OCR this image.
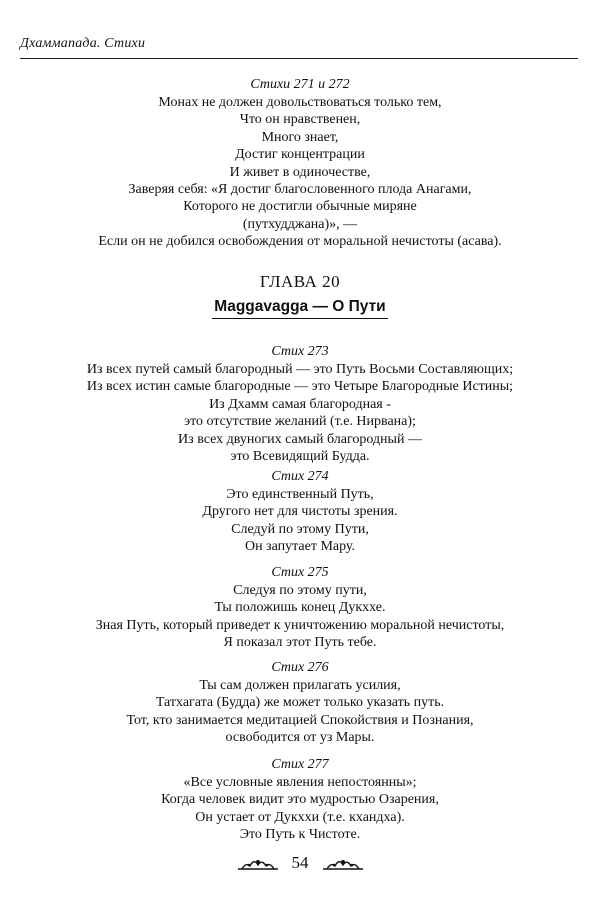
Дхаммапада. Стихи
Стихи 271 и 272
Монах не должен довольствоваться только тем,
Что он нравственен,
Много знает,
Достиг концентрации
И живет в одиночестве,
Заверяя себя: «Я достиг благословенного плода Анагами,
Которого не достигли обычные миряне
(путхудджана)», —
Если он не добился освобождения от моральной нечистоты (асава).
ГЛАВА 20
Maggavagga — О Пути
Стих 273
Из всех путей самый благородный — это Путь Восьми Составляющих;
Из всех истин самые благородные — это Четыре Благородные Истины;
Из Дхамм самая благородная -
это отсутствие желаний (т.е. Нирвана);
Из всех двуногих самый благородный —
это Всевидящий Будда.
Стих 274
Это единственный Путь,
Другого нет для чистоты зрения.
Следуй по этому Пути,
Он запутает Мару.
Стих 275
Следуя по этому пути,
Ты положишь конец Дукххе.
Зная Путь, который приведет к уничтожению моральной нечистоты,
Я показал этот Путь тебе.
Стих 276
Ты сам должен прилагать усилия,
Татхагата (Будда) же может только указать путь.
Тот, кто занимается медитацией Спокойствия и Познания,
освободится от уз Мары.
Стих 277
«Все условные явления непостоянны»;
Когда человек видит это мудростью Озарения,
Он устает от Дукххи (т.е. кхандха).
Это Путь к Чистоте.
54
